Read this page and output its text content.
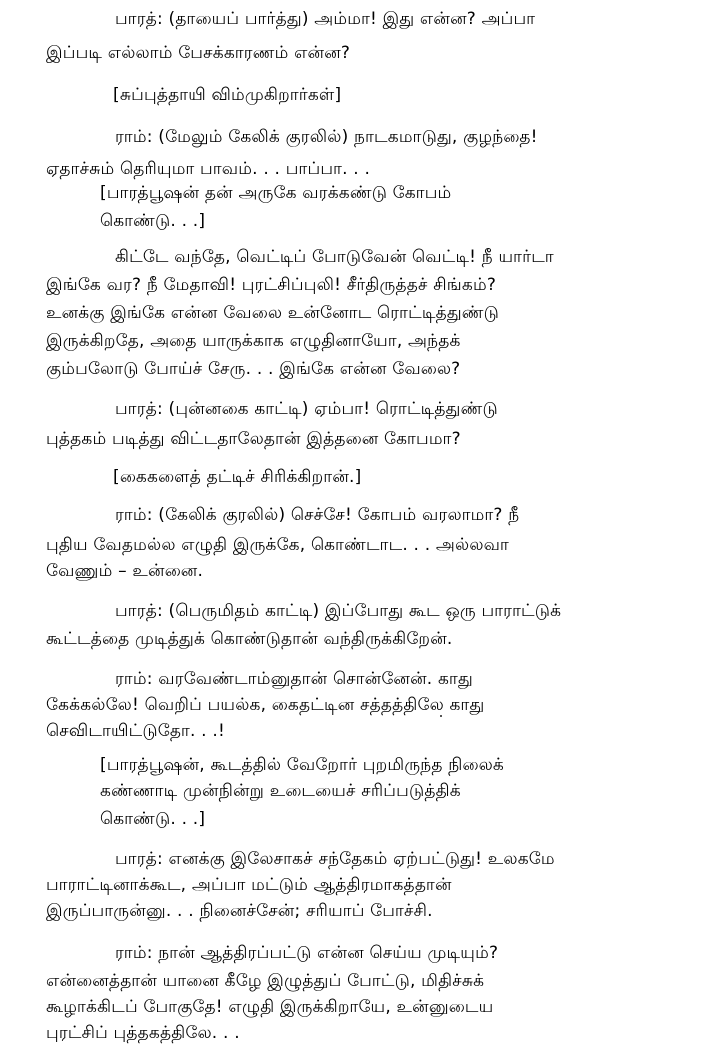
பாரத்: (தாயைப் பார்த்து) அம்மா! இது என்ன? அப்பா
இப்படி எல்லாம் பேசக்காரணம் என்ன?
[சுப்புத்தாயி விம்முகிறார்கள்]
ராம்: (மேலும் கேலிக் குரலில்) நாடகமாடுது, குழந்தை!
ஏதாச்சும் தெரியுமா பாவம். . . பாப்பா. . .
[பாரத்பூஷன் தன் அருகே வரக்கண்டு கோபம்
கொண்டு. . .]
கிட்டே வந்தே, வெட்டிப் போடுவேன் வெட்டி! நீ யார்டா
இங்கே வர? நீ மேதாவி! புரட்சிப்புலி! சீர்திருத்தச் சிங்கம்?
உனக்கு இங்கே என்ன வேலை உன்னோட ரொட்டித்துண்டு
இருக்கிறதே, அதை யாருக்காக எழுதினாயோ, அந்தக்
கும்பலோடு போய்ச் சேரு. . . இங்கே என்ன வேலை?
பாரத்: (புன்னகை காட்டி) ஏம்பா! ரொட்டித்துண்டு
புத்தகம் படித்து விட்டதாலேதான் இத்தனை கோபமா?
[கைகளைத் தட்டிச் சிரிக்கிறான்.]
ராம்: (கேலிக் குரலில்) செச்சே! கோபம் வரலாமா? நீ
புதிய வேதமல்ல எழுதி இருக்கே, கொண்டாட. . . அல்லவா
வேணும் – உன்னை.
பாரத்: (பெருமிதம் காட்டி) இப்போது கூட ஒரு பாராட்டுக்
கூட்டத்தை முடித்துக் கொண்டுதான் வந்திருக்கிறேன்.
ராம்: வரவேண்டாம்னுதான் சொன்னேன். காது
கேக்கல்லே! வெறிப் பயல்க, கைதட்டின சத்தத்திலே காது
செவிடாயிட்டுதோ. . .!
[பாரத்பூஷன், கூடத்தில் வேறோர் புறமிருந்த நிலைக்
கண்ணாடி முன்நின்று உடையைச் சரிப்படுத்திக்
கொண்டு. . .]
பாரத்: எனக்கு இலேசாகச் சந்தேகம் ஏற்பட்டுது! உலகமே
பாராட்டினாக்கூட, அப்பா மட்டும் ஆத்திரமாகத்தான்
இருப்பாருன்னு. . . நினைச்சேன்; சரியாப் போச்சி.
ராம்: நான் ஆத்திரப்பட்டு என்ன செய்ய முடியும்?
என்னைத்தான் யானை கீழே இழுத்துப் போட்டு, மிதிச்சுக்
கூழாக்கிடப் போகுதே! எழுதி இருக்கிறாயே, உன்னுடைய
புரட்சிப் புத்தகத்திலே. . .
